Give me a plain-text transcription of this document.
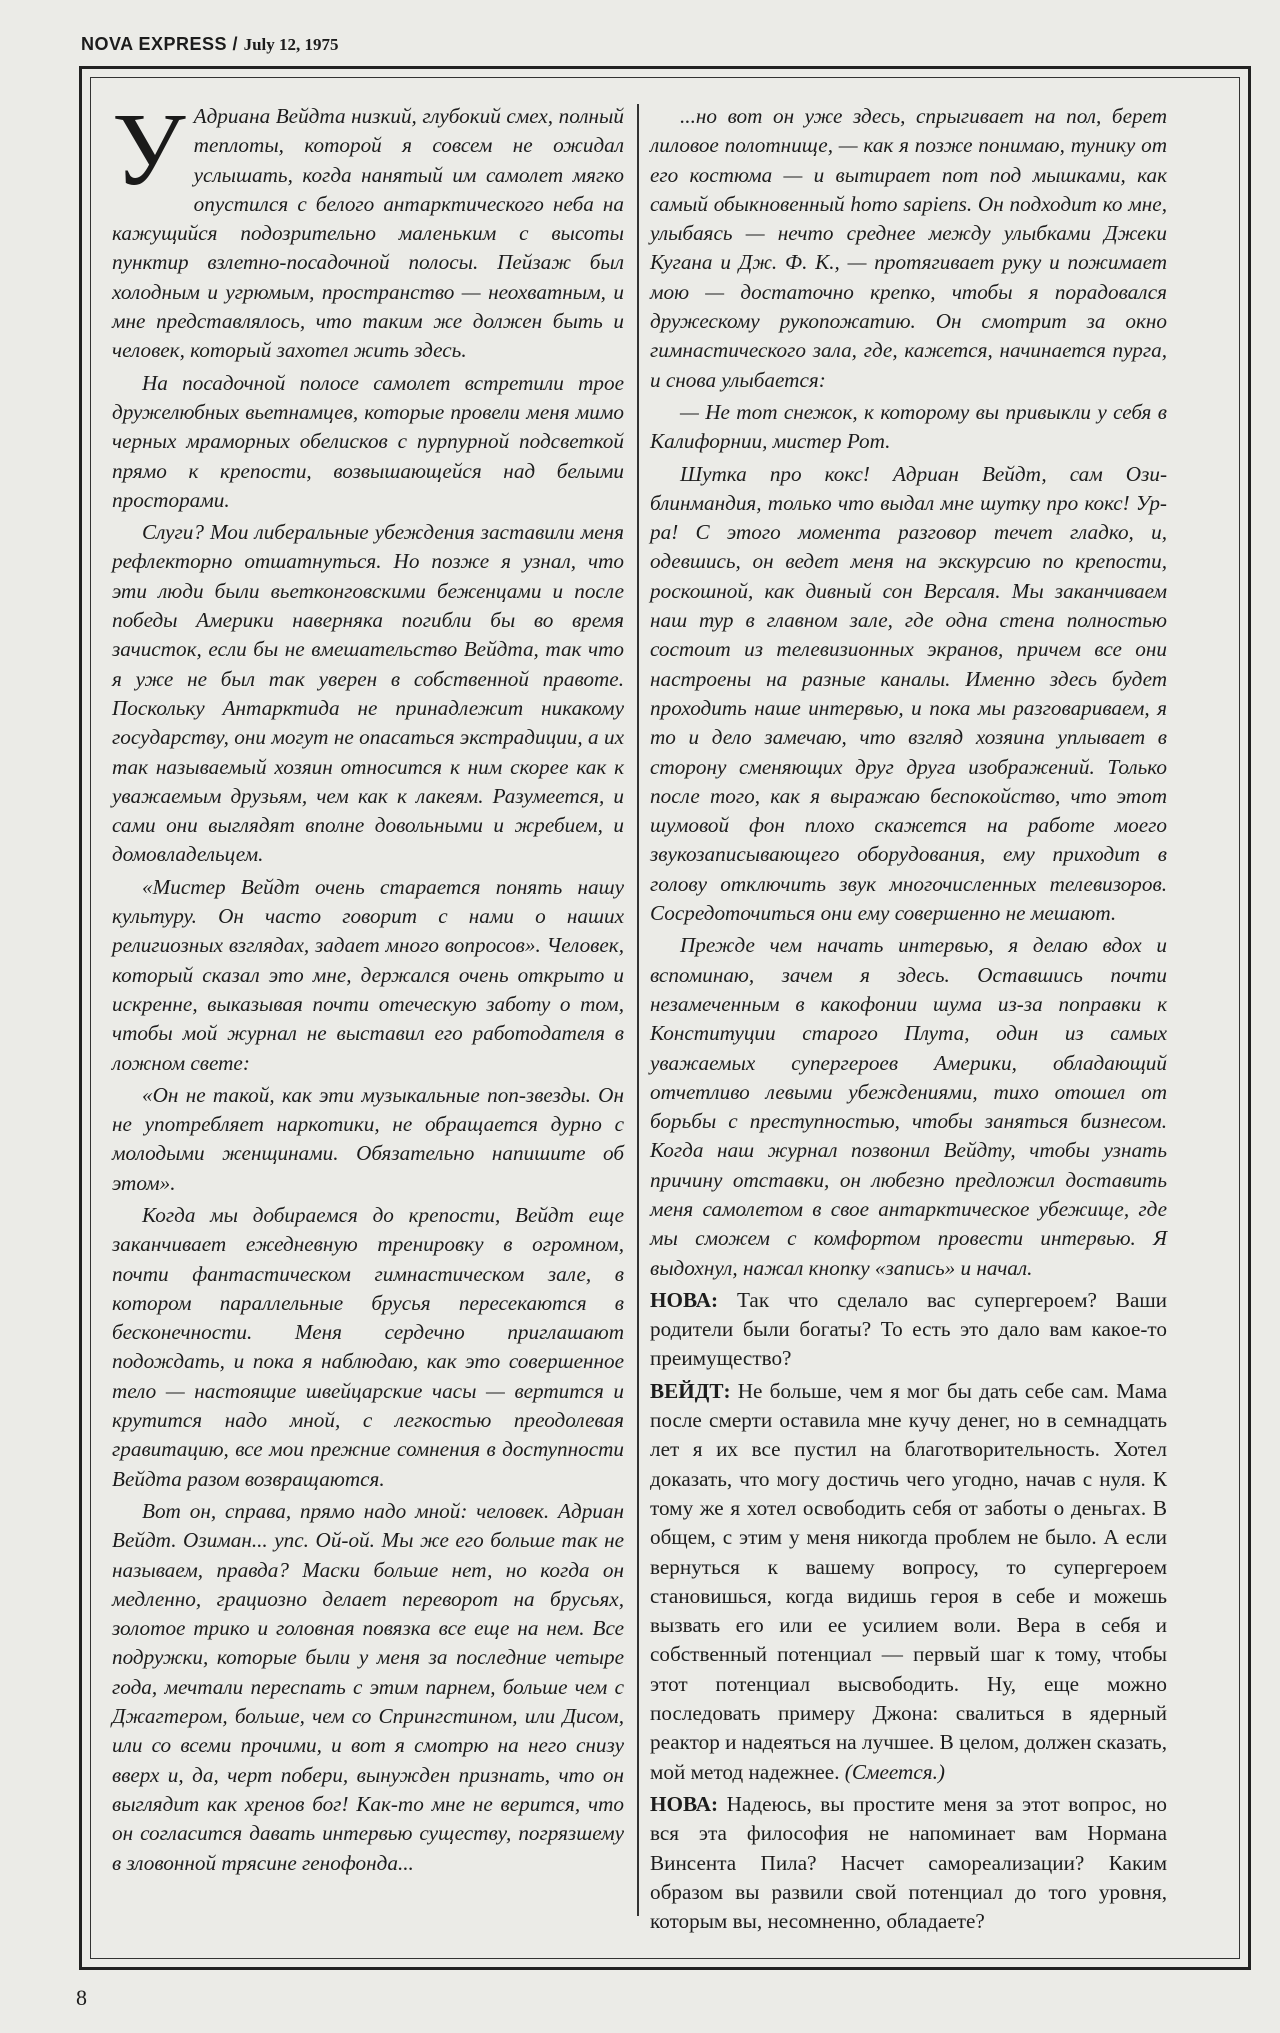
NOVA EXPRESS / July 12, 1975

У Адриана Вейдта низкий, глубокий смех, полный теплоты, которой я совсем не ожидал услышать, когда нанятый им самолет мягко опустился с белого антарктического неба на кажущийся подозрительно маленьким с высоты пунктир взлетно-посадочной полосы. Пейзаж был холодным и угрюмым, пространство — неохватным, и мне представлялось, что таким же должен быть и человек, который захотел жить здесь.

На посадочной полосе самолет встретили трое дружелюбных вьетнамцев, которые провели меня мимо черных мраморных обелисков с пурпурной подсветкой прямо к крепости, возвышающейся над белыми просторами.

Слуги? Мои либеральные убеждения заставили меня рефлекторно отшатнуться. Но позже я узнал, что эти люди были вьетконговскими беженцами и после победы Америки наверняка погибли бы во время зачисток, если бы не вмешательство Вейдта, так что я уже не был так уверен в собственной правоте. Поскольку Антарктида не принадлежит никакому государству, они могут не опасаться экстрадиции, а их так называемый хозяин относится к ним скорее как к уважаемым друзьям, чем как к лакеям. Разумеется, и сами они выглядят вполне довольными и жребием, и домовладельцем.

«Мистер Вейдт очень старается понять нашу культуру. Он часто говорит с нами о наших религиозных взглядах, задает много вопросов». Человек, который сказал это мне, держался очень открыто и искренне, выказывая почти отеческую заботу о том, чтобы мой журнал не выставил его работодателя в ложном свете:

«Он не такой, как эти музыкальные поп-звезды. Он не употребляет наркотики, не обращается дурно с молодыми женщинами. Обязательно напишите об этом».

Когда мы добираемся до крепости, Вейдт еще заканчивает ежедневную тренировку в огромном, почти фантастическом гимнастическом зале, в котором параллельные брусья пересекаются в бесконечности. Меня сердечно приглашают подождать, и пока я наблюдаю, как это совершенное тело — настоящие швейцарские часы — вертится и крутится надо мной, с легкостью преодолевая гравитацию, все мои прежние сомнения в доступности Вейдта разом возвращаются.

Вот он, справа, прямо надо мной: человек. Адриан Вейдт. Озиман... упс. Ой-ой. Мы же его больше так не называем, правда? Маски больше нет, но когда он медленно, грациозно делает переворот на брусьях, золотое трико и головная повязка все еще на нем. Все подружки, которые были у меня за последние четыре года, мечтали переспать с этим парнем, больше чем с Джагтером, больше, чем со Спрингстином, или Дисом, или со всеми прочими, и вот я смотрю на него снизу вверх и, да, черт побери, вынужден признать, что он выглядит как хренов бог! Как-то мне не верится, что он согласится давать интервью существу, погрязшему в зловонной трясине генофонда...

...но вот он уже здесь, спрыгивает на пол, берет лиловое полотнище, — как я позже понимаю, тунику от его костюма — и вытирает пот под мышками, как самый обыкновенный homo sapiens. Он подходит ко мне, улыбаясь — нечто среднее между улыбками Джеки Кугана и Дж. Ф. К., — протягивает руку и пожимает мою — достаточно крепко, чтобы я порадовался дружескому рукопожатию. Он смотрит за окно гимнастического зала, где, кажется, начинается пурга, и снова улыбается:

— Не тот снежок, к которому вы привыкли у себя в Калифорнии, мистер Рот.

Шутка про кокс! Адриан Вейдт, сам Ози-блинмандия, только что выдал мне шутку про кокс! Ур-ра! С этого момента разговор течет гладко, и, одевшись, он ведет меня на экскурсию по крепости, роскошной, как дивный сон Версаля. Мы заканчиваем наш тур в главном зале, где одна стена полностью состоит из телевизионных экранов, причем все они настроены на разные каналы. Именно здесь будет проходить наше интервью, и пока мы разговариваем, я то и дело замечаю, что взгляд хозяина уплывает в сторону сменяющих друг друга изображений. Только после того, как я выражаю беспокойство, что этот шумовой фон плохо скажется на работе моего звукозаписывающего оборудования, ему приходит в голову отключить звук многочисленных телевизоров. Сосредоточиться они ему совершенно не мешают.

Прежде чем начать интервью, я делаю вдох и вспоминаю, зачем я здесь. Оставшись почти незамеченным в какофонии шума из-за поправки к Конституции старого Плута, один из самых уважаемых супергероев Америки, обладающий отчетливо левыми убеждениями, тихо отошел от борьбы с преступностью, чтобы заняться бизнесом. Когда наш журнал позвонил Вейдту, чтобы узнать причину отставки, он любезно предложил доставить меня самолетом в свое антарктическое убежище, где мы сможем с комфортом провести интервью. Я выдохнул, нажал кнопку «запись» и начал.

НОВА: Так что сделало вас супергероем? Ваши родители были богаты? То есть это дало вам какое-то преимущество?

ВЕЙДТ: Не больше, чем я мог бы дать себе сам. Мама после смерти оставила мне кучу денег, но в семнадцать лет я их все пустил на благотворительность. Хотел доказать, что могу достичь чего угодно, начав с нуля. К тому же я хотел освободить себя от заботы о деньгах. В общем, с этим у меня никогда проблем не было. А если вернуться к вашему вопросу, то супергероем становишься, когда видишь героя в себе и можешь вызвать его или ее усилием воли. Вера в себя и собственный потенциал — первый шаг к тому, чтобы этот потенциал высвободить. Ну, еще можно последовать примеру Джона: свалиться в ядерный реактор и надеяться на лучшее. В целом, должен сказать, мой метод надежнее. (Смеется.)

НОВА: Надеюсь, вы простите меня за этот вопрос, но вся эта философия не напоминает вам Нормана Винсента Пила? Насчет самореализации? Каким образом вы развили свой потенциал до того уровня, которым вы, несомненно, обладаете?

8
